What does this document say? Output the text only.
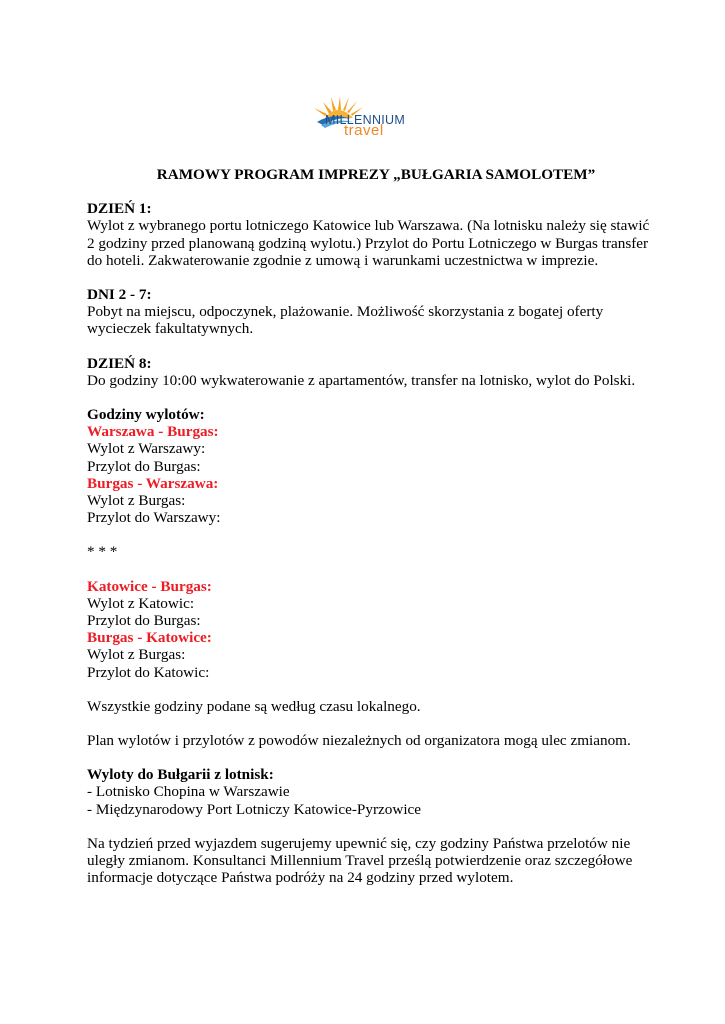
MILLENNIUM
travel

RAMOWY PROGRAM IMPREZY „BUŁGARIA SAMOLOTEM”

DZIEŃ 1:
Wylot z wybranego portu lotniczego Katowice lub Warszawa. (Na lotnisku należy się stawić
2 godziny przed planowaną godziną wylotu.) Przylot do Portu Lotniczego w Burgas transfer
do hoteli. Zakwaterowanie zgodnie z umową i warunkami uczestnictwa w imprezie.
DNI 2 - 7:
Pobyt na miejscu, odpoczynek, plażowanie. Możliwość skorzystania z bogatej oferty
wycieczek fakultatywnych.
DZIEŃ 8:
Do godziny 10:00 wykwaterowanie z apartamentów, transfer na lotnisko, wylot do Polski.
Godziny wylotów:
Warszawa - Burgas:
Wylot z Warszawy:
Przylot do Burgas:
Burgas - Warszawa:
Wylot z Burgas:
Przylot do Warszawy:
* * *
Katowice - Burgas:
Wylot z Katowic:
Przylot do Burgas:
Burgas - Katowice:
Wylot z Burgas:
Przylot do Katowic:
Wszystkie godziny podane są według czasu lokalnego.
Plan wylotów i przylotów z powodów niezależnych od organizatora mogą ulec zmianom.
Wyloty do Bułgarii z lotnisk:
- Lotnisko Chopina w Warszawie
- Międzynarodowy Port Lotniczy Katowice-Pyrzowice
Na tydzień przed wyjazdem sugerujemy upewnić się, czy godziny Państwa przelotów nie
uległy zmianom. Konsultanci Millennium Travel prześlą potwierdzenie oraz szczegółowe
informacje dotyczące Państwa podróży na 24 godziny przed wylotem.
